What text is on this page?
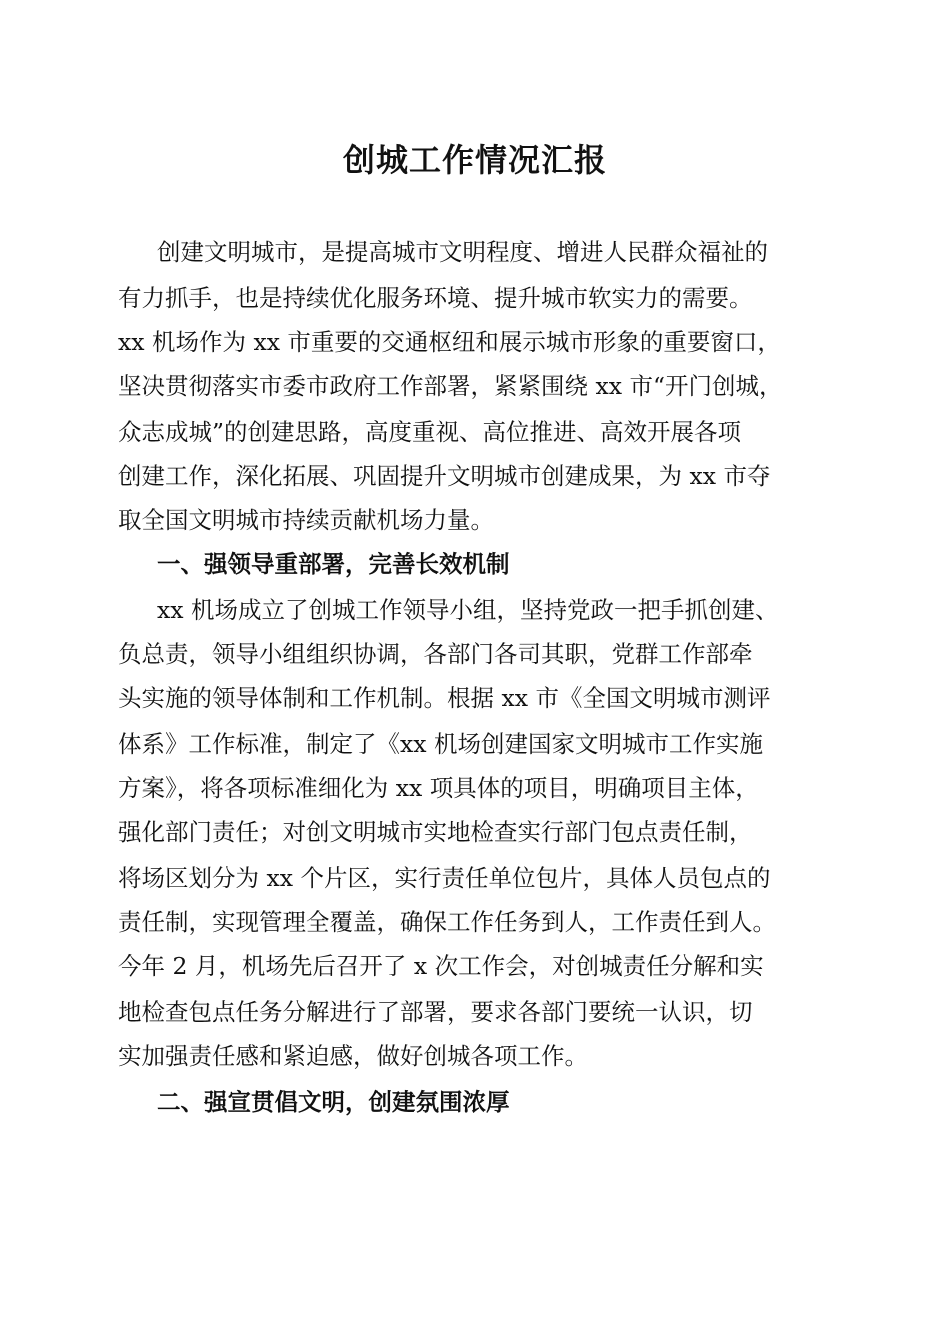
创城工作情况汇报

创建文明城市，是提高城市文明程度、增进人民群众福祉的

有力抓手，也是持续优化服务环境、提升城市软实力的需要。

xx 机场作为 xx 市重要的交通枢纽和展示城市形象的重要窗口，

坚决贯彻落实市委市政府工作部署，紧紧围绕 xx 市“开门创城，

众志成城”的创建思路，高度重视、高位推进、高效开展各项

创建工作，深化拓展、巩固提升文明城市创建成果，为 xx 市夺

取全国文明城市持续贡献机场力量。

一、强领导重部署，完善长效机制

xx 机场成立了创城工作领导小组，坚持党政一把手抓创建、

负总责，领导小组组织协调，各部门各司其职，党群工作部牵

头实施的领导体制和工作机制。根据 xx 市《全国文明城市测评

体系》工作标准，制定了《xx 机场创建国家文明城市工作实施

方案》，将各项标准细化为 xx 项具体的项目，明确项目主体，

强化部门责任；对创文明城市实地检查实行部门包点责任制，

将场区划分为 xx 个片区，实行责任单位包片，具体人员包点的

责任制，实现管理全覆盖，确保工作任务到人，工作责任到人。

今年 2 月，机场先后召开了 x 次工作会，对创城责任分解和实

地检查包点任务分解进行了部署，要求各部门要统一认识，切

实加强责任感和紧迫感，做好创城各项工作。

二、强宣贯倡文明，创建氛围浓厚
